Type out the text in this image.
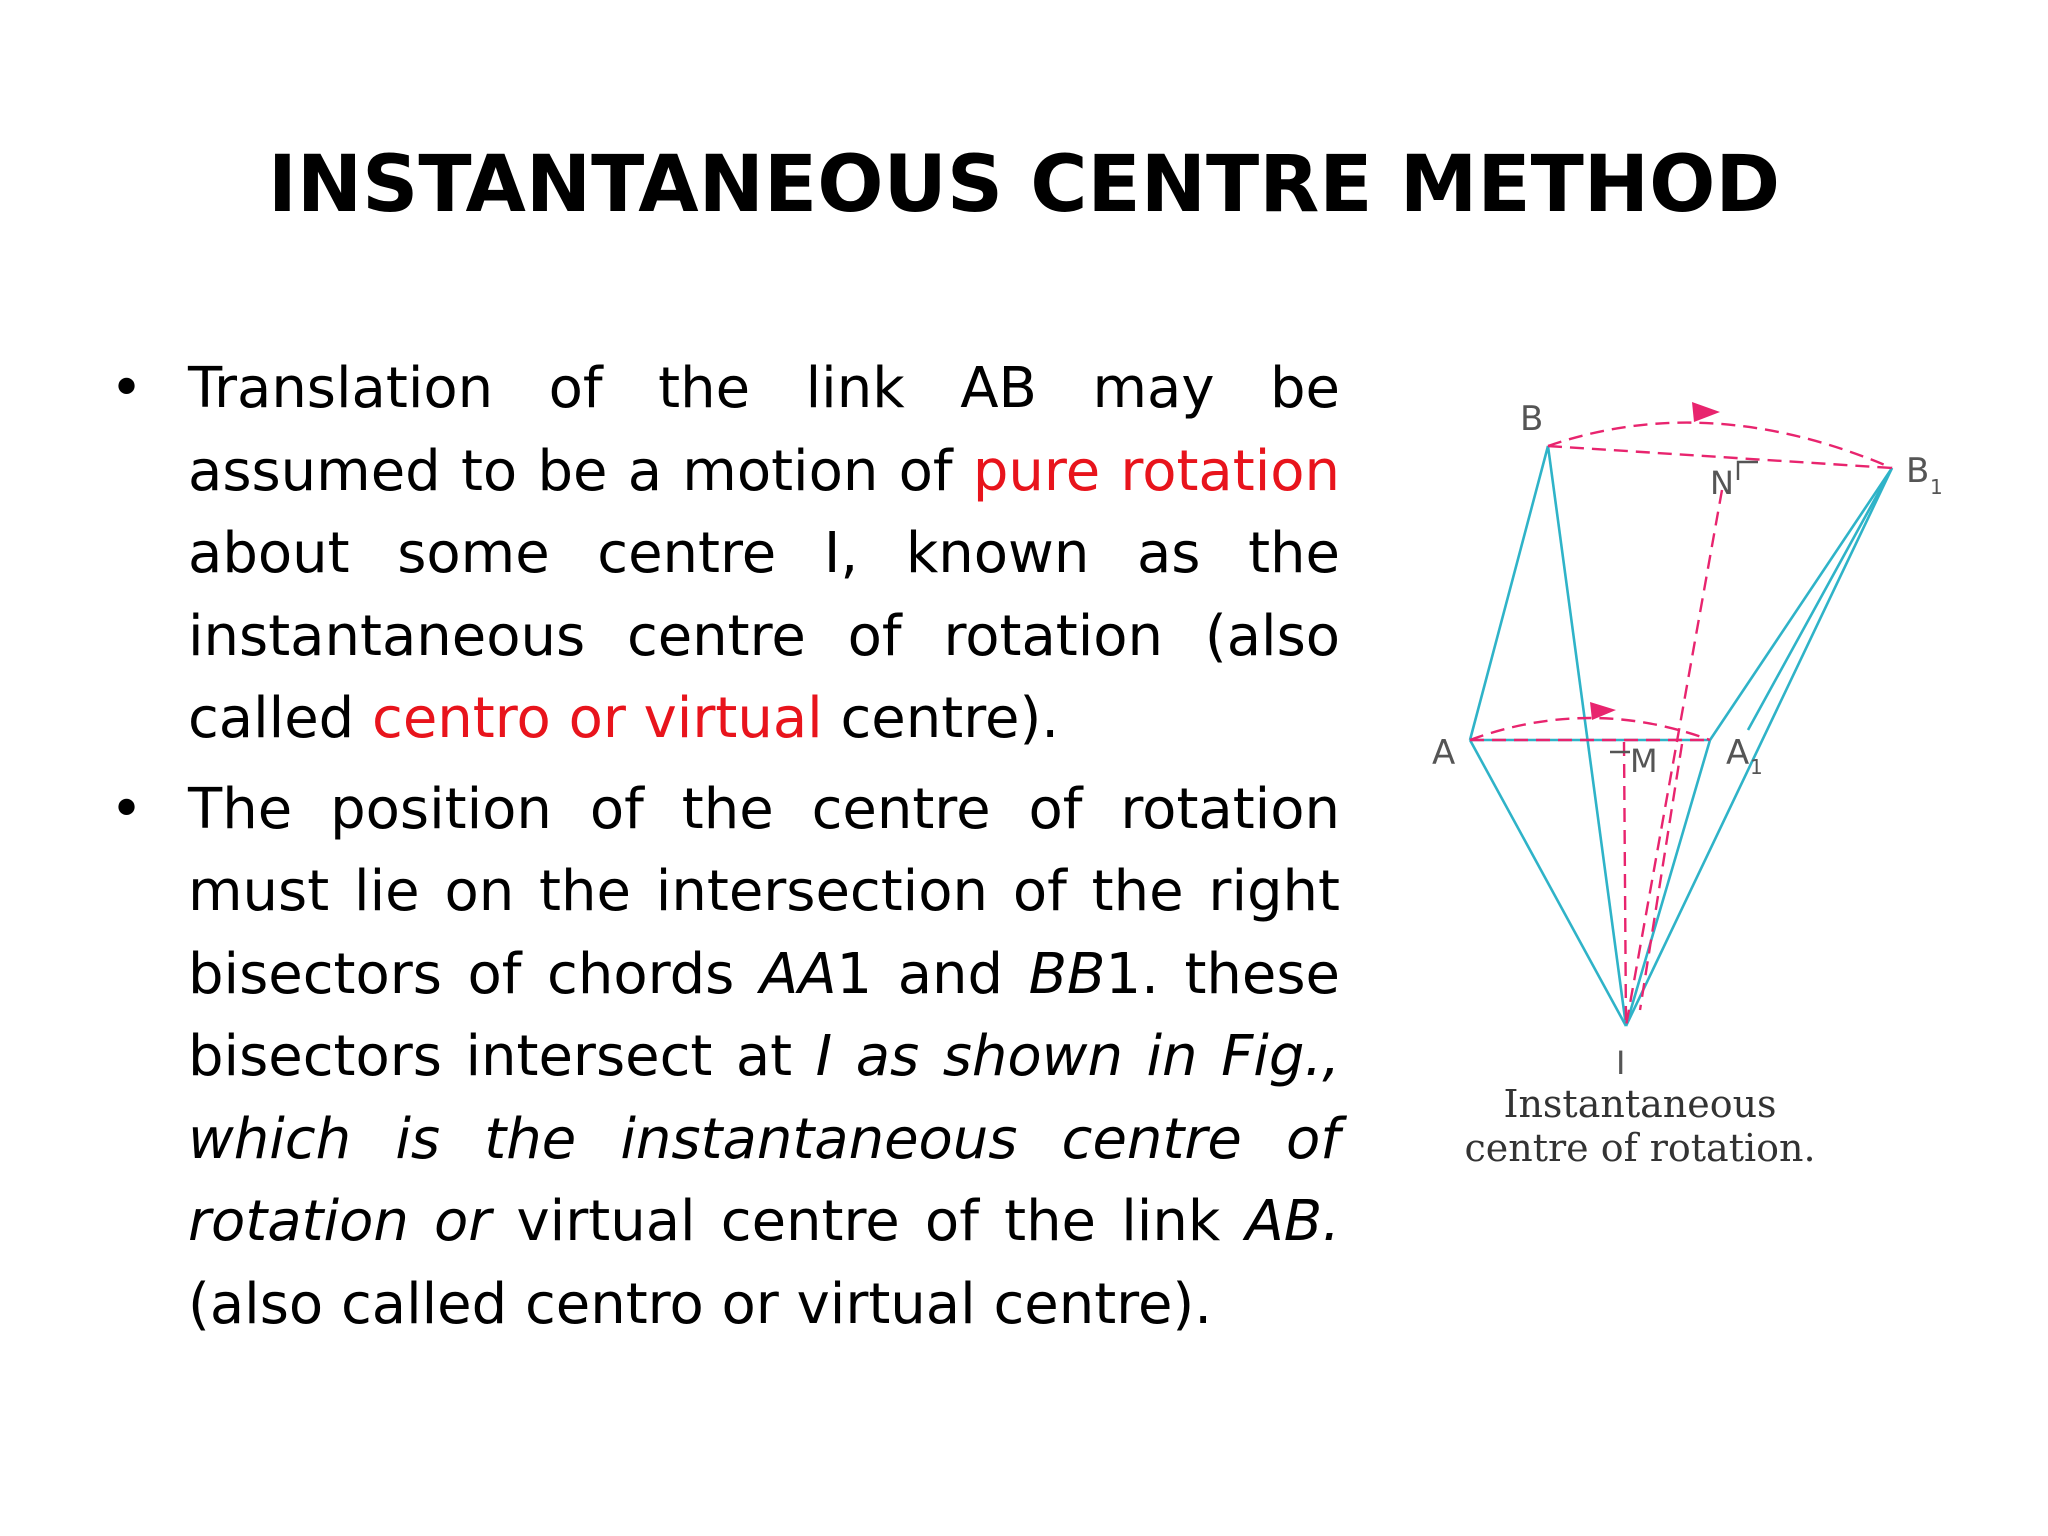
INSTANTANEOUS CENTRE METHOD
• Translation of the link AB may be assumed to be a motion of pure rotation about some centre I, known as the instantaneous centre of rotation (also called centro or virtual centre).
• The position of the centre of rotation must lie on the intersection of the right bisectors of chords AA1 and BB1. these bisectors intersect at I as shown in Fig., which is the instantaneous centre of rotation or virtual centre of the link AB. (also called centro or virtual centre).
B
B 1
A	A 1
N
M
I
Instantaneous
centre of rotation.
